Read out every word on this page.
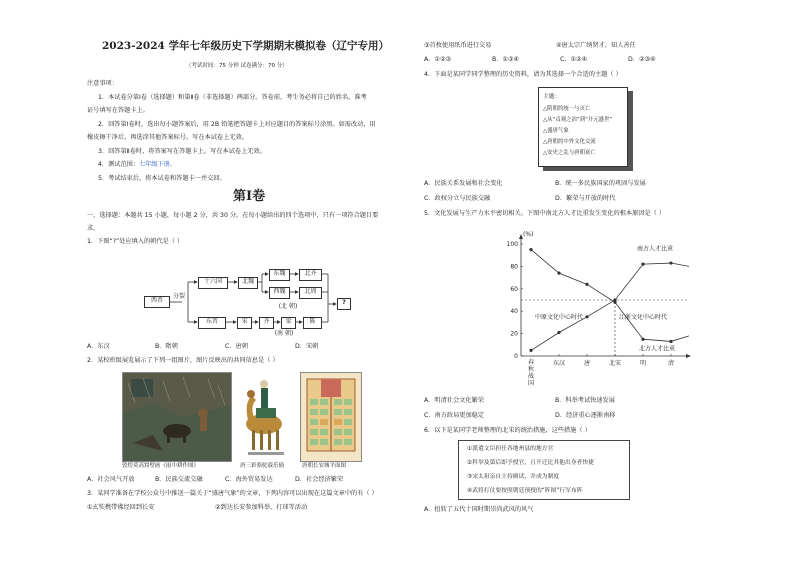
2023-2024 学年七年级历史下学期期末模拟卷（辽宁专用）
（考试时间：75 分钟 试卷满分：70 分）
注意事项：
1．本试卷分第Ⅰ卷（选择题）和第Ⅱ卷（非选择题）两部分。答卷前，考生务必将自己的姓名、准考
证号填写在答题卡上。
2．回答第Ⅰ卷时，选出每小题答案后，用 2B 铅笔把答题卡上对应题目的答案标号涂黑。如需改动，用
橡皮擦干净后，再选涂其他答案标号。写在本试卷上无效。
3．回答第Ⅱ卷时，将答案写在答题卡上。写在本试卷上无效。
4．测试范围：七年级下册。
5．考试结束后，将本试卷和答题卡一并交回。
第Ⅰ卷
一、选择题：本题共 15 小题，每小题 2 分，共 30 分。在每小题给出的四个选项中，只有一项符合题目要
求。
1．下图“?”处应填入的朝代是（ ）
西晋
分裂
十六国	北魏
东魏
西魏
北齐
北周
(北 朝)
?
东晋	宋	齐	梁	陈
(南 朝)
A．东汉	B．隋朝	C．唐朝	D．宋朝
2．某校班级展览展示了下列一组图片，图片反映出的共同信息是（ ）
敦煌莫高窟壁画《雨中耕作图》	唐三彩骆驼载乐俑	唐朝长安城平面图
A．社会风气开放	B．民族交流交融	C．海外贸易发达	D．社会经济繁荣
3．某同学准备在学校公众号中推送一篇关于“盛唐气象”的文章，下列内容可以出现在这篇文章中的有（ ）
①玄奘携带佛经回到长安	②到达长安参加科举、打球等活动
③首枚使用纸币进行交易	④唐太宗广纳贤才，知人善任
A．①②③	B．①③④	C．①②④	D．②③④
4．下面是某同学同学整理的历史资料，请为其选择一个合适的主题（ ）
主题：
△隋朝的统一与灭亡
△从“贞观之治”到“开元盛世”
△盛唐气象
△唐朝的中外文化交流
△安史之乱与唐朝衰亡
A．民族关系发展和社会变化	B．统一多民族国家的巩固与发展
C．政权分立与民族交融	D．繁荣与开放的时代
5．文化发展与生产力水平密切相关。下图中南北方人才比重发生变化的根本原因是（ ）
(%)
0
20
40
60
80
100
春
秋
战
国
东汉	唐	北宋	明	清
中原文化中心时代	江浙文化中心时代
南方人才比重
北方人才比重
A．明清社会文化繁荣	B．科举考试快速发展
C．南方政局更加稳定	D．经济重心逐渐南移
6．以下是某同学老师整理的北宋的统治措施，这些措施（ ）
①派遣文臣担任各地州县的地方官
②科举及第后即予授官，且升迁比其他出身者快捷
③宋太祖亲自主持殿试，并成为制度
④武将打仗要按照朝廷预授的“阵图”行军布阵
A．扭转了五代十国时期崇尚武风的风气
